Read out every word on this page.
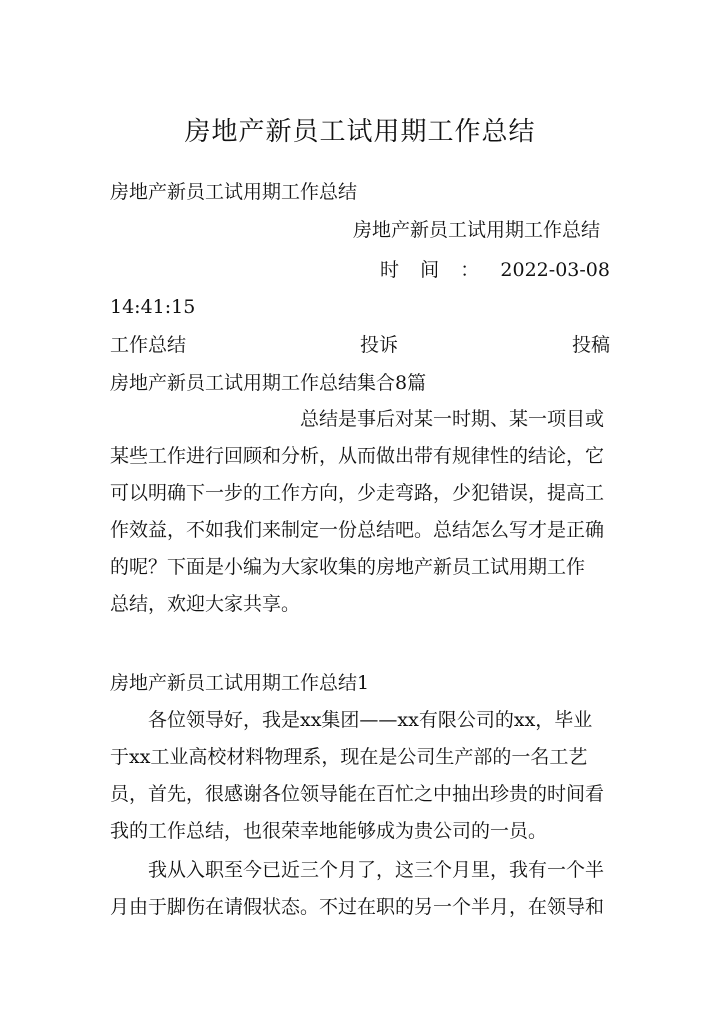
房地产新员工试用期工作总结
房地产新员工试用期工作总结
房地产新员工试用期工作总结
时 间 ： 2022-03-08
14:41:15
工作总结	投诉	投稿
房地产新员工试用期工作总结集合8篇
总结是事后对某一时期、某一项目或
某些工作进行回顾和分析，从而做出带有规律性的结论，它
可以明确下一步的工作方向，少走弯路，少犯错误，提高工
作效益，不如我们来制定一份总结吧。总结怎么写才是正确
的呢？下面是小编为大家收集的房地产新员工试用期工作
总结，欢迎大家共享。
房地产新员工试用期工作总结1
各位领导好，我是xx集团——xx有限公司的xx，毕业
于xx工业高校材料物理系，现在是公司生产部的一名工艺
员，首先，很感谢各位领导能在百忙之中抽出珍贵的时间看
我的工作总结，也很荣幸地能够成为贵公司的一员。
我从入职至今已近三个月了，这三个月里，我有一个半
月由于脚伤在请假状态。不过在职的另一个半月，在领导和
